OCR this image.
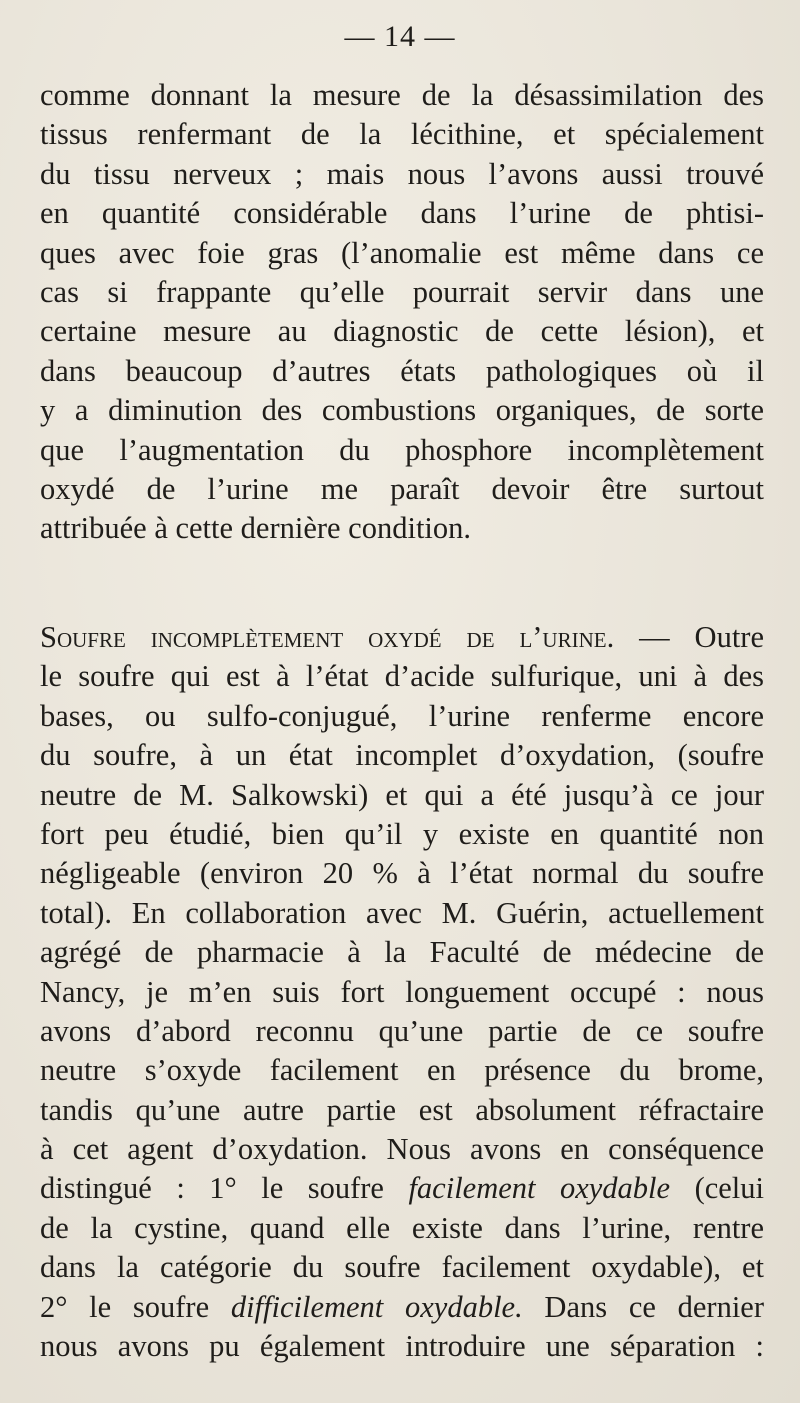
— 14 —
comme donnant la mesure de la désassimilation des
tissus renfermant de la lécithine, et spécialement
du tissu nerveux ; mais nous l’avons aussi trouvé
en quantité considérable dans l’urine de phtisi-
ques avec foie gras (l’anomalie est même dans ce
cas si frappante qu’elle pourrait servir dans une
certaine mesure au diagnostic de cette lésion), et
dans beaucoup d’autres états pathologiques où il
y a diminution des combustions organiques, de sorte
que l’augmentation du phosphore incomplètement
oxydé de l’urine me paraît devoir être surtout
attribuée à cette dernière condition.
Soufre incomplètement oxydé de l’urine. — Outre
le soufre qui est à l’état d’acide sulfurique, uni à des
bases, ou sulfo-conjugué, l’urine renferme encore
du soufre, à un état incomplet d’oxydation, (soufre
neutre de M. Salkowski) et qui a été jusqu’à ce jour
fort peu étudié, bien qu’il y existe en quantité non
négligeable (environ 20 % à l’état normal du soufre
total). En collaboration avec M. Guérin, actuellement
agrégé de pharmacie à la Faculté de médecine de
Nancy, je m’en suis fort longuement occupé : nous
avons d’abord reconnu qu’une partie de ce soufre
neutre s’oxyde facilement en présence du brome,
tandis qu’une autre partie est absolument réfractaire
à cet agent d’oxydation. Nous avons en conséquence
distingué : 1° le soufre facilement oxydable (celui
de la cystine, quand elle existe dans l’urine, rentre
dans la catégorie du soufre facilement oxydable), et
2° le soufre difficilement oxydable. Dans ce dernier
nous avons pu également introduire une séparation :
